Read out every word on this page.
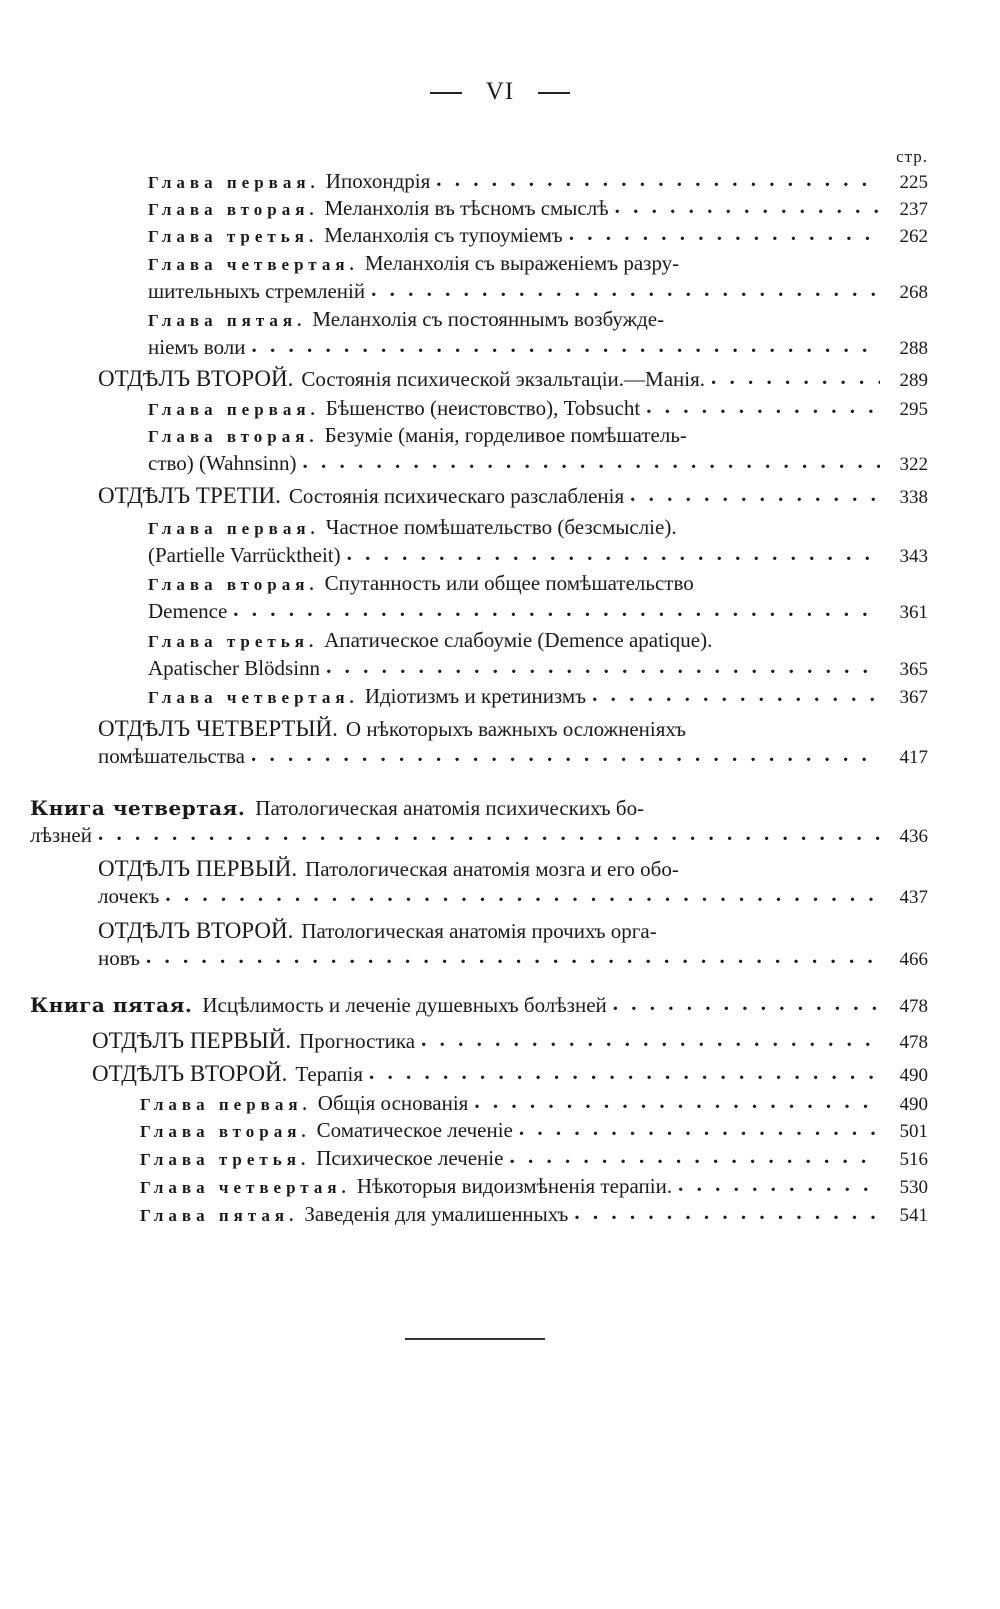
VI
стр.
Глава первая. Ипохондрія . . .	225
Глава вторая. Меланхолія въ тѣсномъ смыслѣ . . .	237
Глава третья. Меланхолія съ тупоуміемъ . . .	262
Глава четвертая. Меланхолія съ выраженіемъ разру-
шительныхъ стремленій . . .	268
Глава пятая. Меланхолія съ постояннымъ возбужде-
ніемъ воли . . .	288
ОТДѢЛЪ ВТОРОЙ. Состоянія психической экзальтаціи.—Манія. . . .	289
Глава первая. Бѣшенство (неистовство), Tobsucht . . .	295
Глава вторая. Безуміе (манія, горделивое помѣшатель-
ство) (Wahnsinn) . . .	322
ОТДѢЛЪ ТРЕТІИ. Состоянія психическаго разслабленія . . .	338
Глава первая. Частное помѣшательство (безсмысліе).
(Partielle Varrücktheit) . . .	343
Глава вторая. Спутанность или общее помѣшательство
Demence . . .	361
Глава третья. Апатическое слабоуміе (Demence apatique).
Apatischer Blödsinn . . .	365
Глава четвертая. Идіотизмъ и кретинизмъ . . .	367
ОТДѢЛЪ ЧЕТВЕРТЫЙ. О нѣкоторыхъ важныхъ осложненіяхъ
помѣшательства . . .	417
Книга четвертая. Патологическая анатомія психическихъ бо-
лѣзней . . .	436
ОТДѢЛЪ ПЕРВЫЙ. Патологическая анатомія мозга и его обо-
лочекъ . . .	437
ОТДѢЛЪ ВТОРОЙ. Патологическая анатомія прочихъ орга-
новъ . . .	466
Книга пятая. Исцѣлимость и леченіе душевныхъ болѣзней . . .	478
ОТДѢЛЪ ПЕРВЫЙ. Прогностика . . .	478
ОТДѢЛЪ ВТОРОЙ. Терапія . . .	490
Глава первая. Общія основанія . . .	490
Глава вторая. Соматическое леченіе . . .	501
Глава третья. Психическое леченіе . . .	516
Глава четвертая. Нѣкоторыя видоизмѣненія терапіи. . . .	530
Глава пятая. Заведенія для умалишенныхъ . . .	541
